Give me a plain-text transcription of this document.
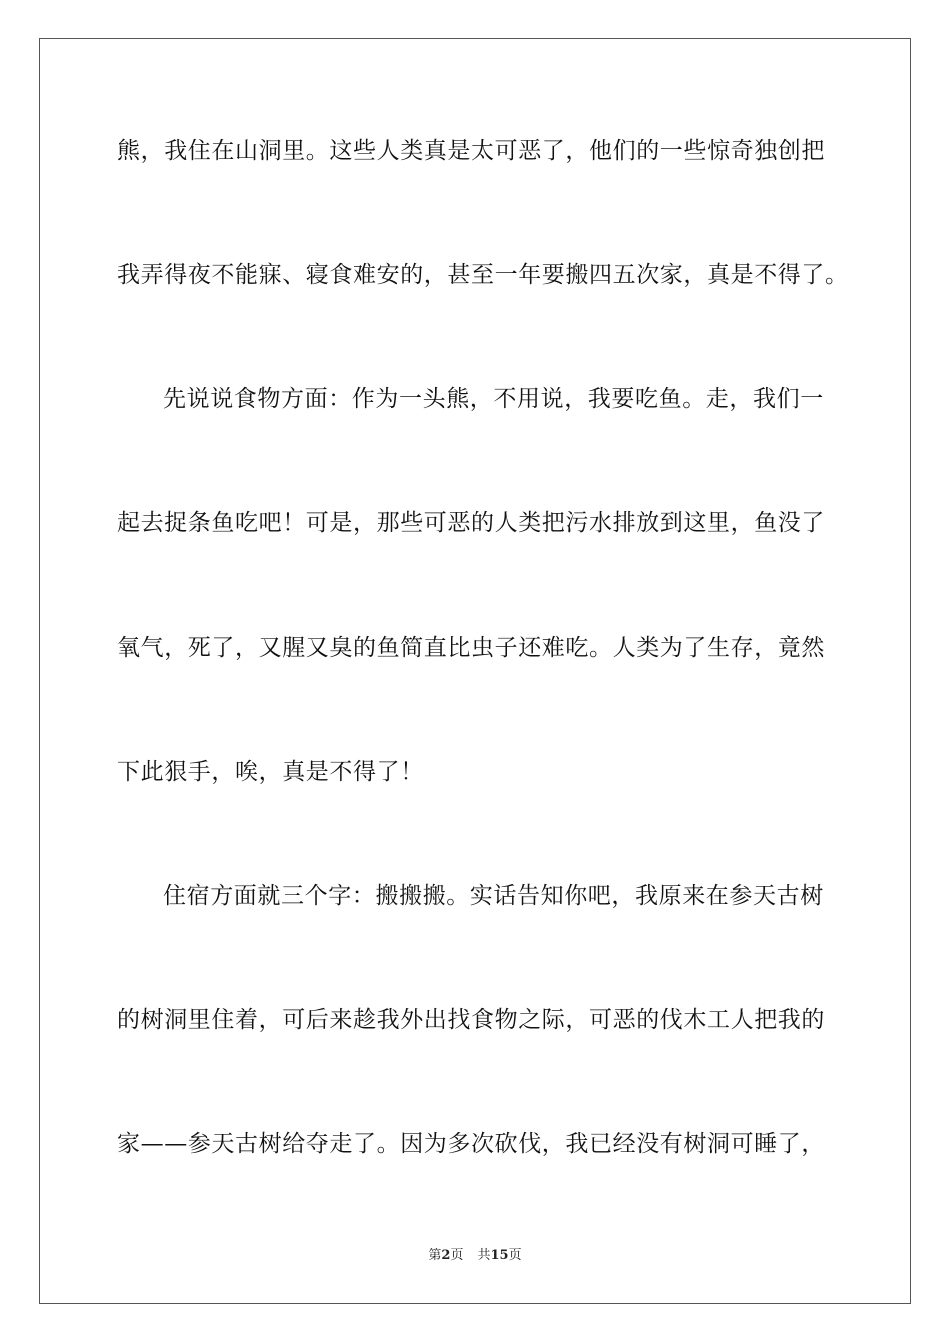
熊，我住在山洞里。这些人类真是太可恶了，他们的一些惊奇独创把
我弄得夜不能寐、寝食难安的，甚至一年要搬四五次家，真是不得了。
先说说食物方面：作为一头熊，不用说，我要吃鱼。走，我们一
起去捉条鱼吃吧！可是，那些可恶的人类把污水排放到这里，鱼没了
氧气，死了，又腥又臭的鱼简直比虫子还难吃。人类为了生存，竟然
下此狠手，唉，真是不得了！
住宿方面就三个字：搬搬搬。实话告知你吧，我原来在参天古树
的树洞里住着，可后来趁我外出找食物之际，可恶的伐木工人把我的
家——参天古树给夺走了。因为多次砍伐，我已经没有树洞可睡了，
第2页 共15页
